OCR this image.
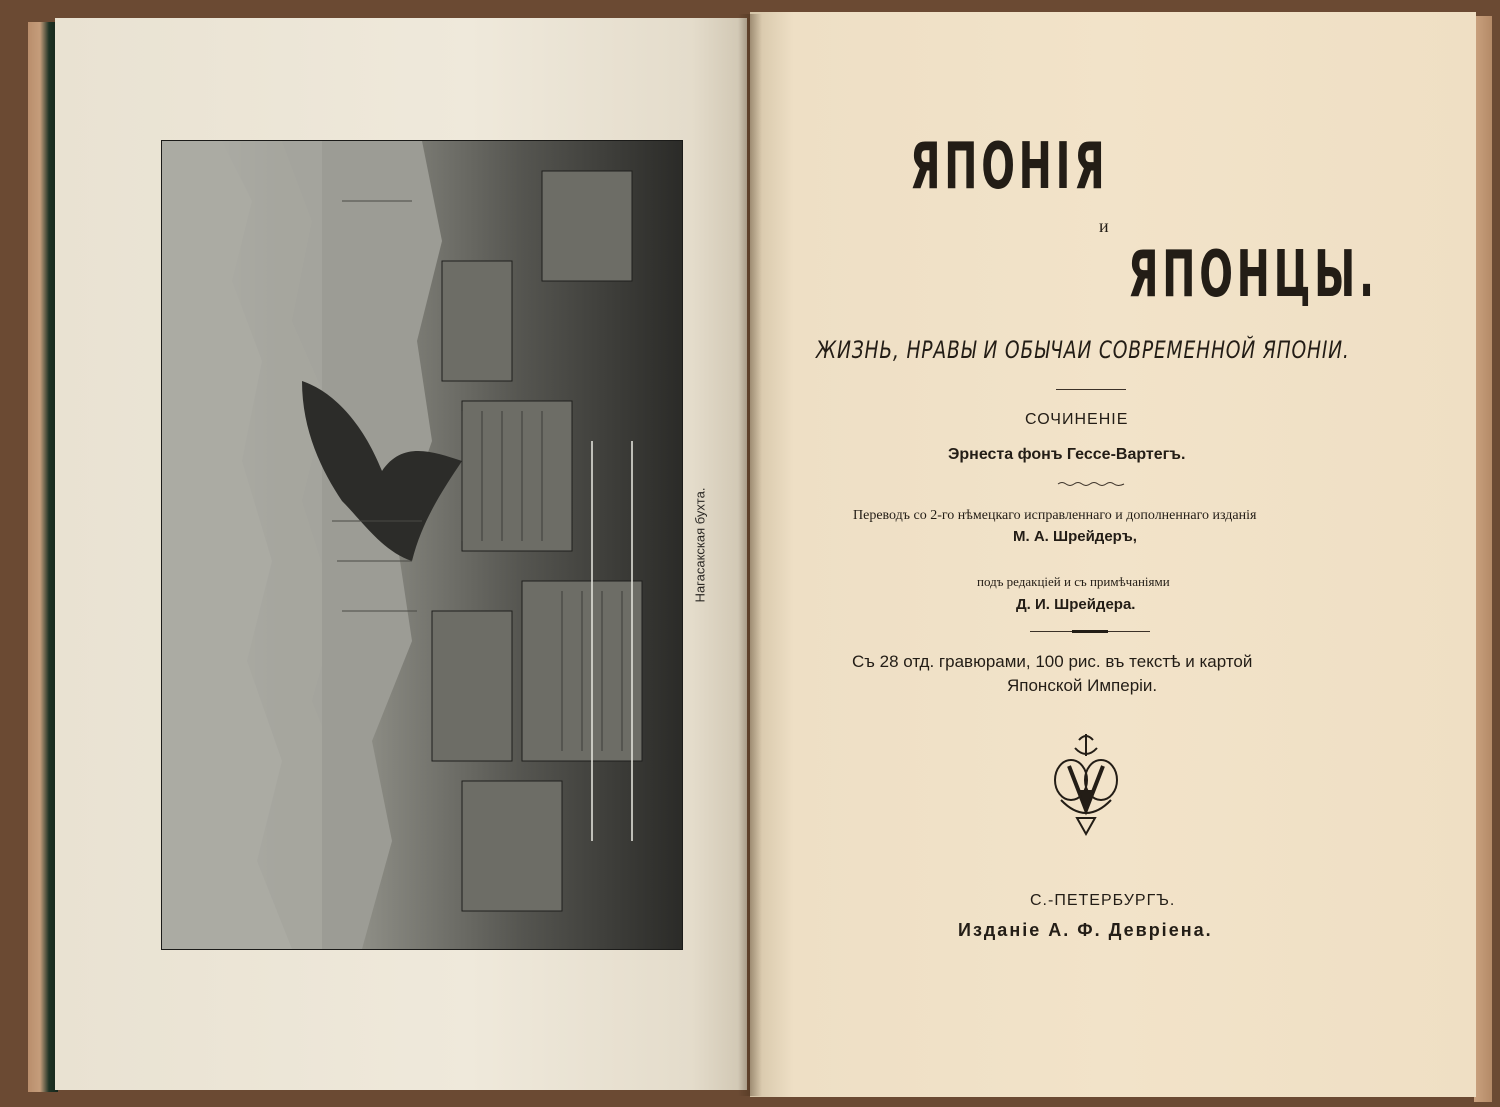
Нагасакская бухта.
ЯПОНІЯ
и
ЯПОНЦЫ.
ЖИЗНЬ, НРАВЫ И ОБЫЧАИ СОВРЕМЕННОЙ ЯПОНІИ.
СОЧИНЕНІЕ
Эрнеста фонъ Гессе-Вартегъ.
Переводъ со 2-го нѣмецкаго исправленнаго и дополненнаго изданія
М. А. Шрейдеръ,
подъ редакціей и съ примѣчаніями
Д. И. Шрейдера.
Съ 28 отд. гравюрами, 100 рис. въ текстѣ и картой
Японской Имперіи.
С.-ПЕТЕРБУРГЪ.
Изданіе А. Ф. Девріена.
